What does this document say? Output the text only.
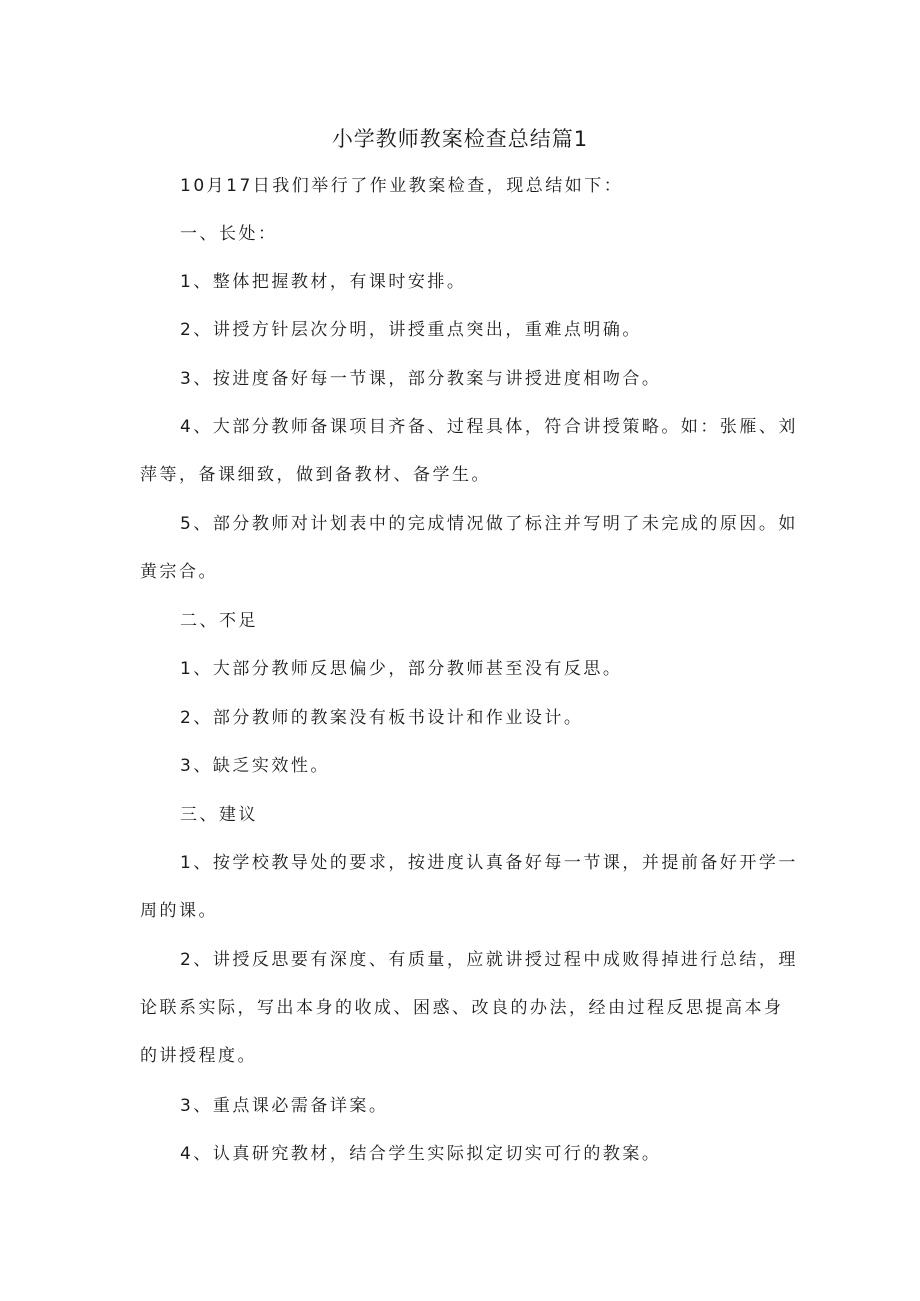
小学教师教案检查总结篇1

10月17日我们举行了作业教案检查，现总结如下：

一、长处：

1、整体把握教材，有课时安排。

2、讲授方针层次分明，讲授重点突出，重难点明确。

3、按进度备好每一节课，部分教案与讲授进度相吻合。

4、大部分教师备课项目齐备、过程具体，符合讲授策略。如：张雁、刘萍等，备课细致，做到备教材、备学生。

5、部分教师对计划表中的完成情况做了标注并写明了未完成的原因。如黄宗合。

二、不足

1、大部分教师反思偏少，部分教师甚至没有反思。

2、部分教师的教案没有板书设计和作业设计。

3、缺乏实效性。

三、建议

1、按学校教导处的要求，按进度认真备好每一节课，并提前备好开学一周的课。

2、讲授反思要有深度、有质量，应就讲授过程中成败得掉进行总结，理论联系实际，写出本身的收成、困惑、改良的办法，经由过程反思提高本身的讲授程度。

3、重点课必需备详案。

4、认真研究教材，结合学生实际拟定切实可行的教案。
